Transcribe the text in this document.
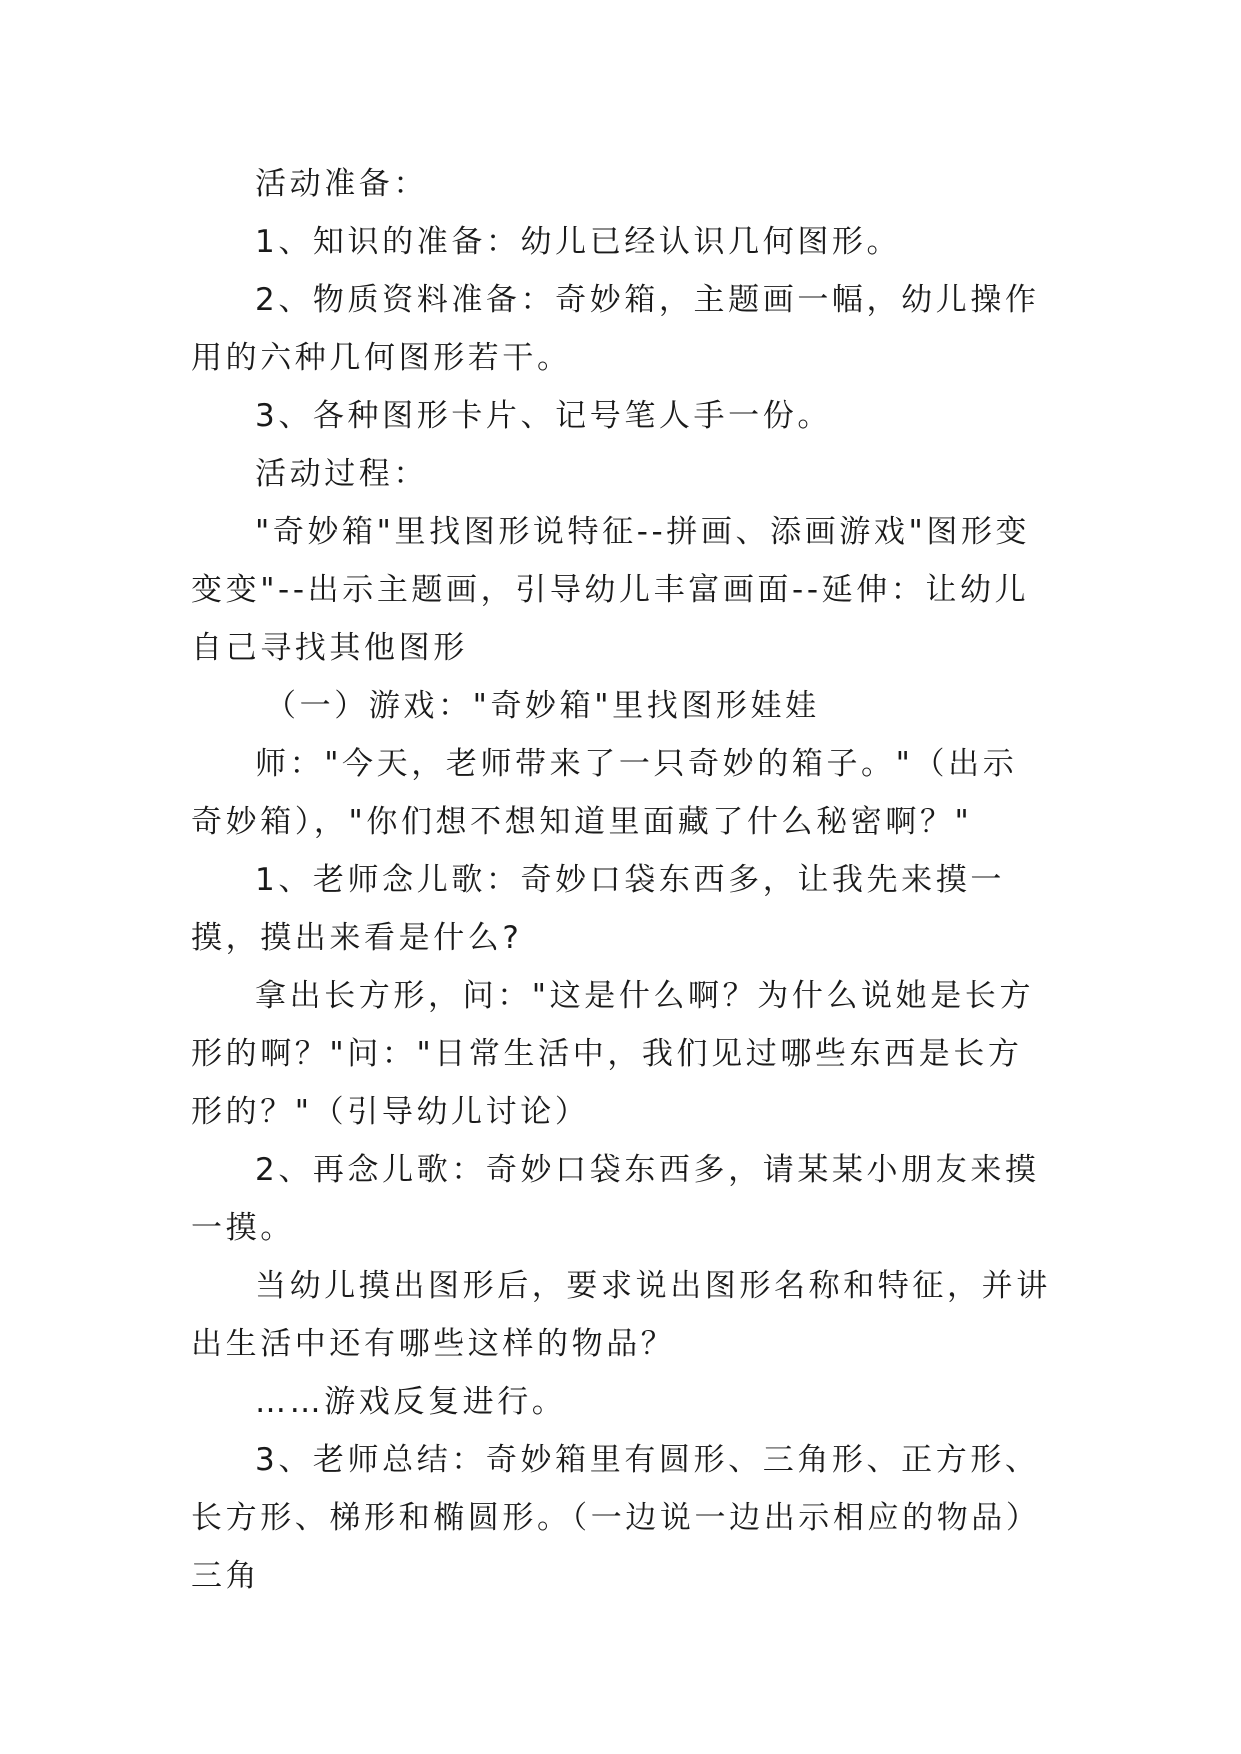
活动准备：

1、知识的准备：幼儿已经认识几何图形。

2、物质资料准备：奇妙箱，主题画一幅，幼儿操作用的六种几何图形若干。

3、各种图形卡片、记号笔人手一份。

活动过程：

"奇妙箱"里找图形说特征--拼画、添画游戏"图形变变变"--出示主题画，引导幼儿丰富画面--延伸：让幼儿自己寻找其他图形

（一）游戏："奇妙箱"里找图形娃娃

师："今天，老师带来了一只奇妙的箱子。"（出示奇妙箱），"你们想不想知道里面藏了什么秘密啊？"

1、老师念儿歌：奇妙口袋东西多，让我先来摸一摸，摸出来看是什么?

拿出长方形，问："这是什么啊？为什么说她是长方形的啊？"问："日常生活中，我们见过哪些东西是长方形的？"（引导幼儿讨论）

2、再念儿歌：奇妙口袋东西多，请某某小朋友来摸一摸。

当幼儿摸出图形后，要求说出图形名称和特征，并讲出生活中还有哪些这样的物品？

……游戏反复进行。

3、老师总结：奇妙箱里有圆形、三角形、正方形、长方形、梯形和椭圆形。（一边说一边出示相应的物品）三角
